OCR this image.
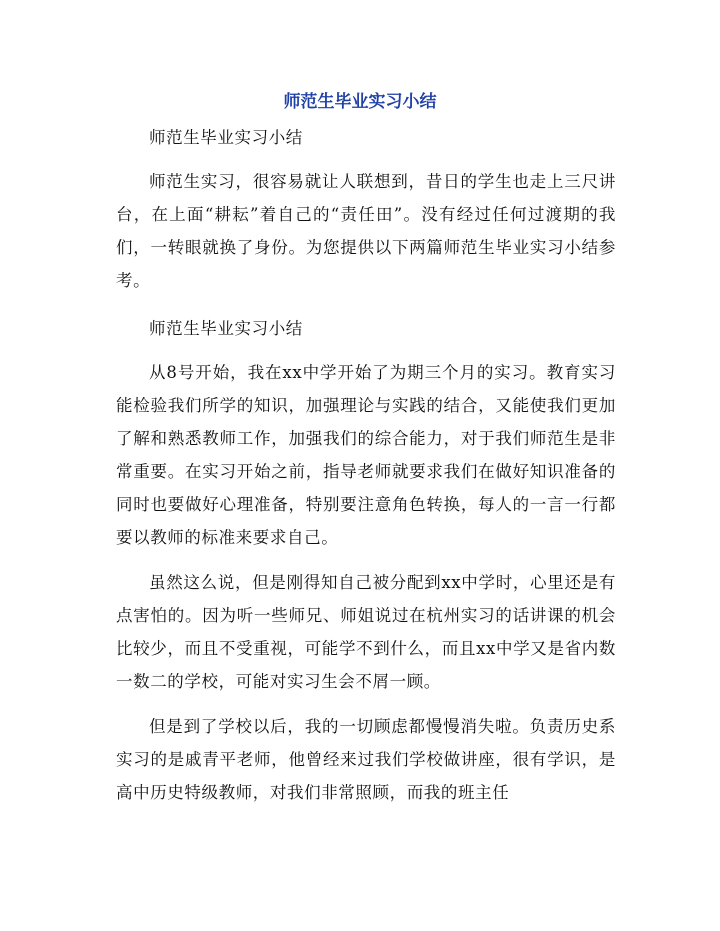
师范生毕业实习小结

师范生毕业实习小结

师范生实习，很容易就让人联想到，昔日的学生也走上三尺讲台，在上面“耕耘”着自己的“责任田”。没有经过任何过渡期的我们，一转眼就换了身份。为您提供以下两篇师范生毕业实习小结参考。

师范生毕业实习小结

从8号开始，我在xx中学开始了为期三个月的实习。教育实习能检验我们所学的知识，加强理论与实践的结合，又能使我们更加了解和熟悉教师工作，加强我们的综合能力，对于我们师范生是非常重要。在实习开始之前，指导老师就要求我们在做好知识准备的同时也要做好心理准备，特别要注意角色转换，每人的一言一行都要以教师的标准来要求自己。

虽然这么说，但是刚得知自己被分配到xx中学时，心里还是有点害怕的。因为听一些师兄、师姐说过在杭州实习的话讲课的机会比较少，而且不受重视，可能学不到什么，而且xx中学又是省内数一数二的学校，可能对实习生会不屑一顾。

但是到了学校以后，我的一切顾虑都慢慢消失啦。负责历史系实习的是戚青平老师，他曾经来过我们学校做讲座，很有学识，是高中历史特级教师，对我们非常照顾，而我的班主任
